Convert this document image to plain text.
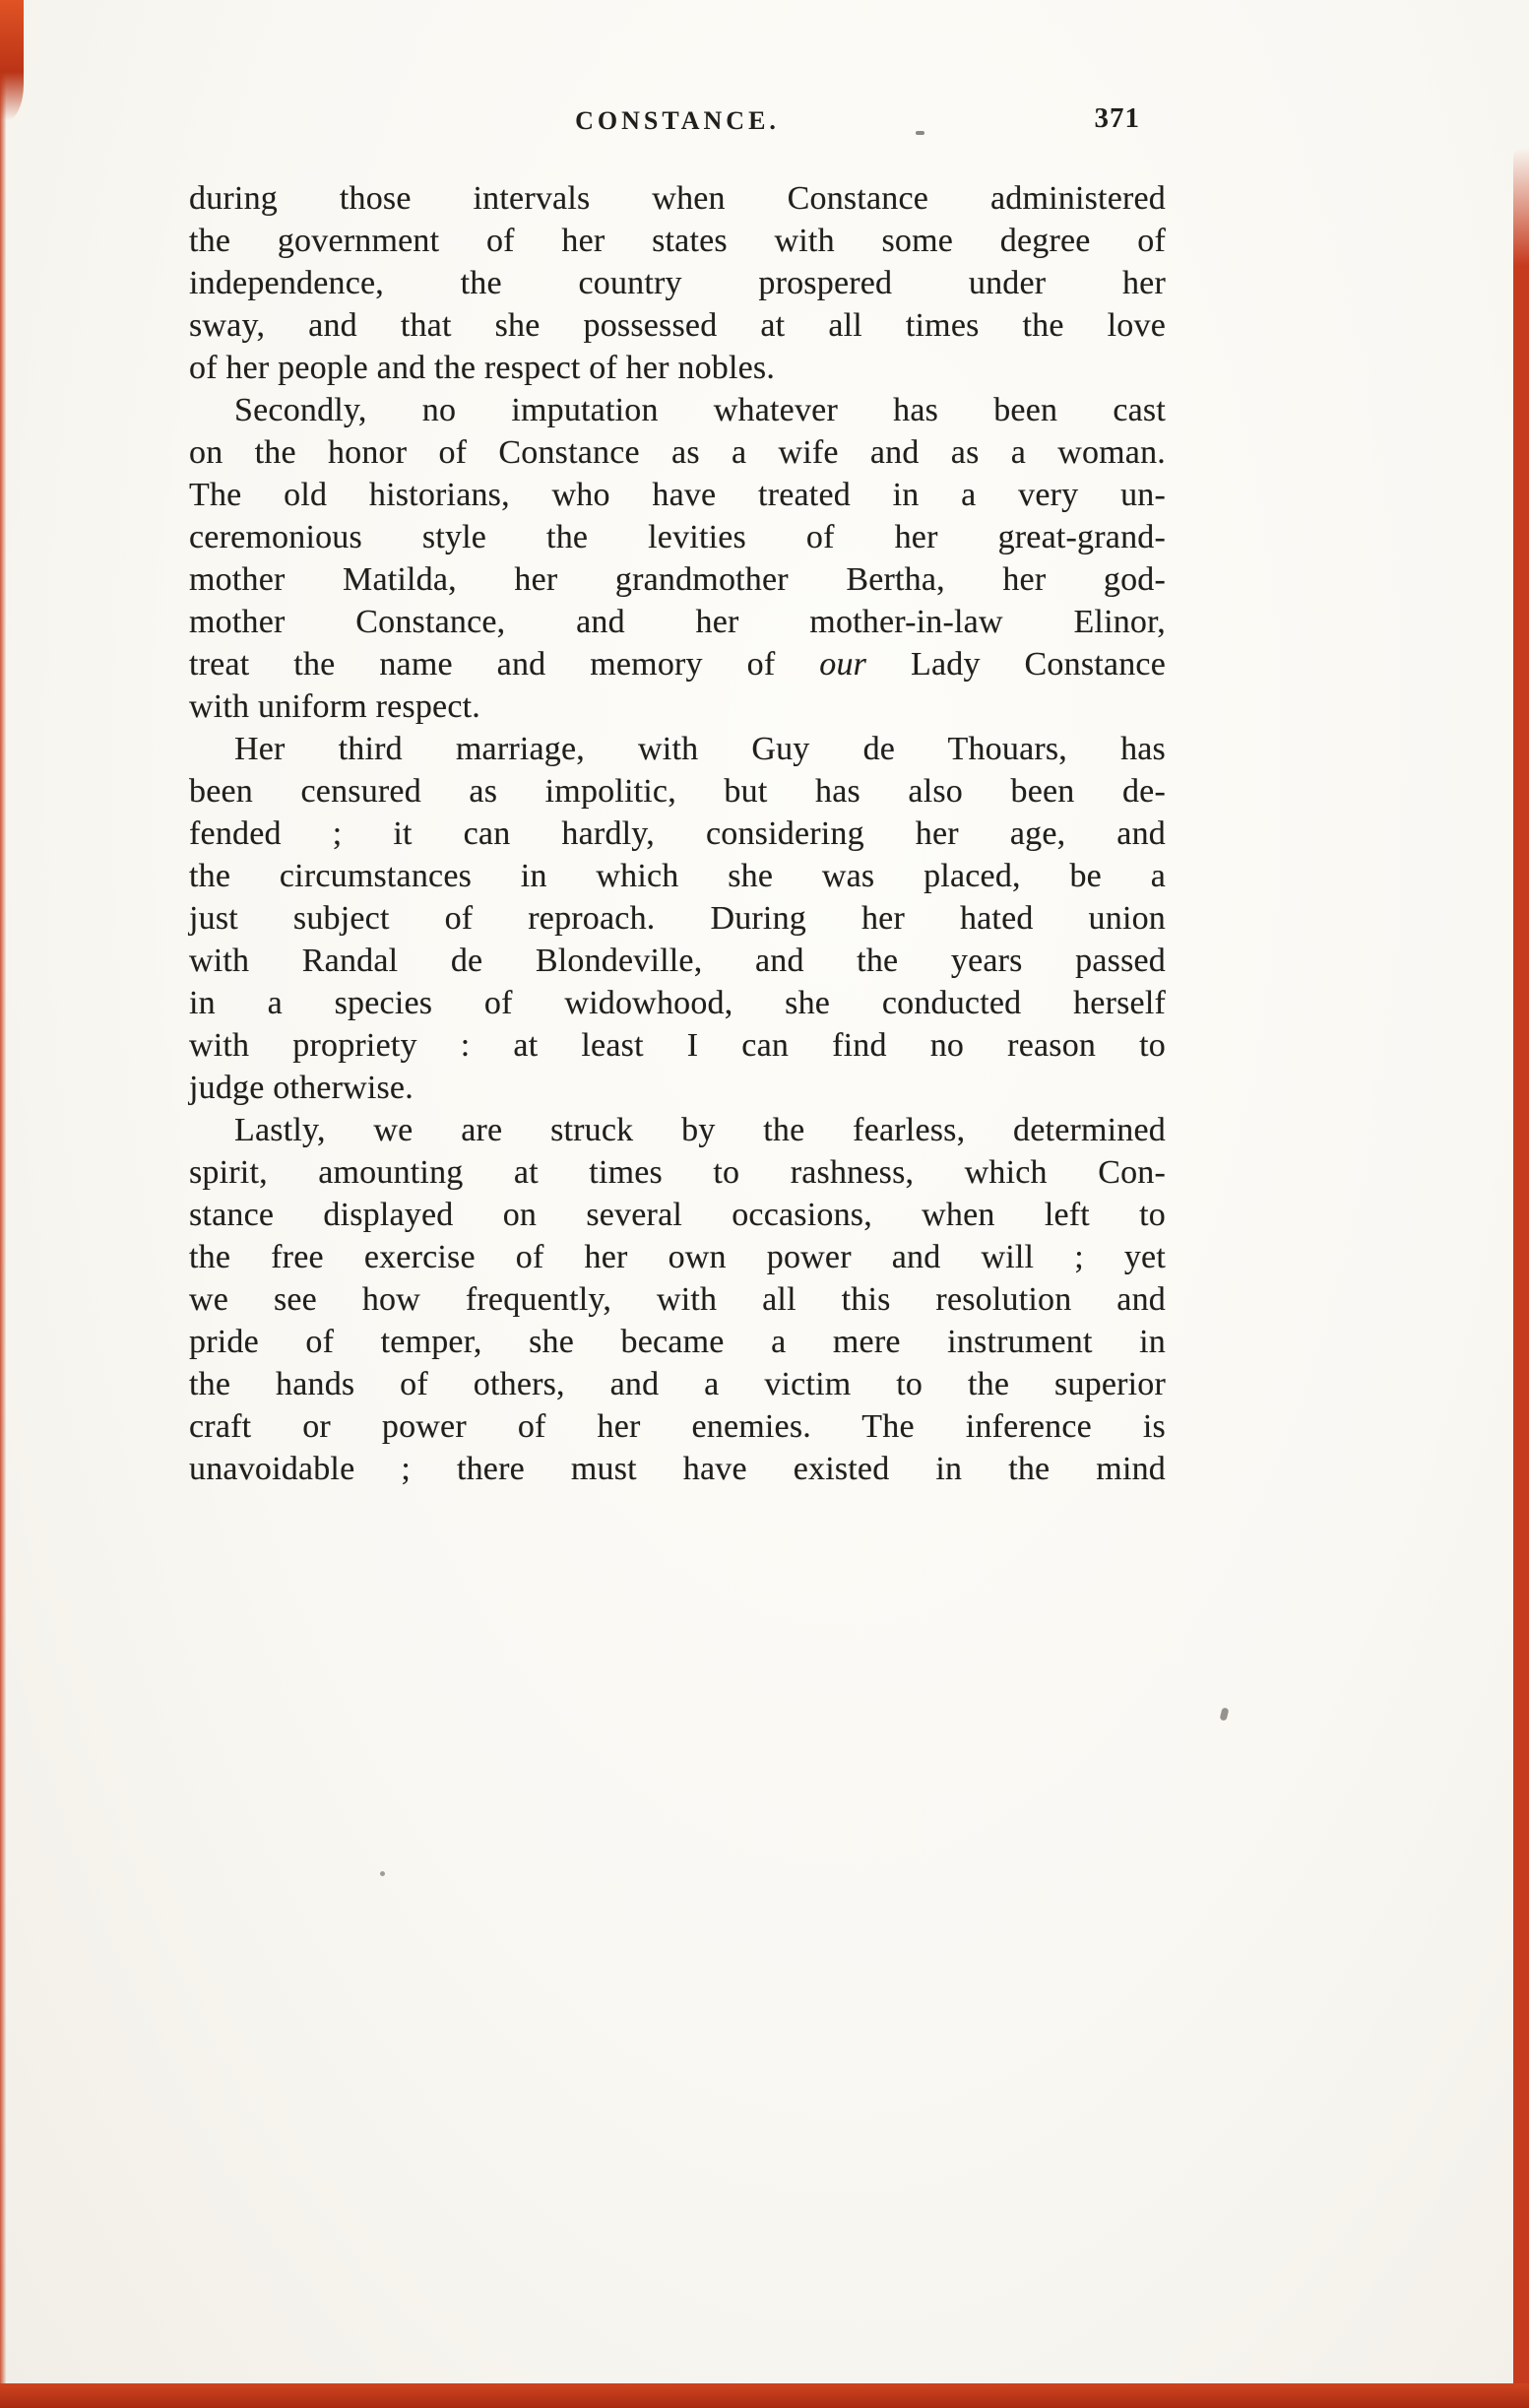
CONSTANCE.	371
during those intervals when Constance administered
the government of her states with some degree of
independence, the country prospered under her
sway, and that she possessed at all times the love
of her people and the respect of her nobles.
Secondly, no imputation whatever has been cast
on the honor of Constance as a wife and as a woman.
The old historians, who have treated in a very un-
ceremonious style the levities of her great-grand-
mother Matilda, her grandmother Bertha, her god-
mother Constance, and her mother-in-law Elinor,
treat the name and memory of our Lady Constance
with uniform respect.
Her third marriage, with Guy de Thouars, has
been censured as impolitic, but has also been de-
fended ; it can hardly, considering her age, and
the circumstances in which she was placed, be a
just subject of reproach. During her hated union
with Randal de Blondeville, and the years passed
in a species of widowhood, she conducted herself
with propriety : at least I can find no reason to
judge otherwise.
Lastly, we are struck by the fearless, determined
spirit, amounting at times to rashness, which Con-
stance displayed on several occasions, when left to
the free exercise of her own power and will ; yet
we see how frequently, with all this resolution and
pride of temper, she became a mere instrument in
the hands of others, and a victim to the superior
craft or power of her enemies. The inference is
unavoidable ; there must have existed in the mind
